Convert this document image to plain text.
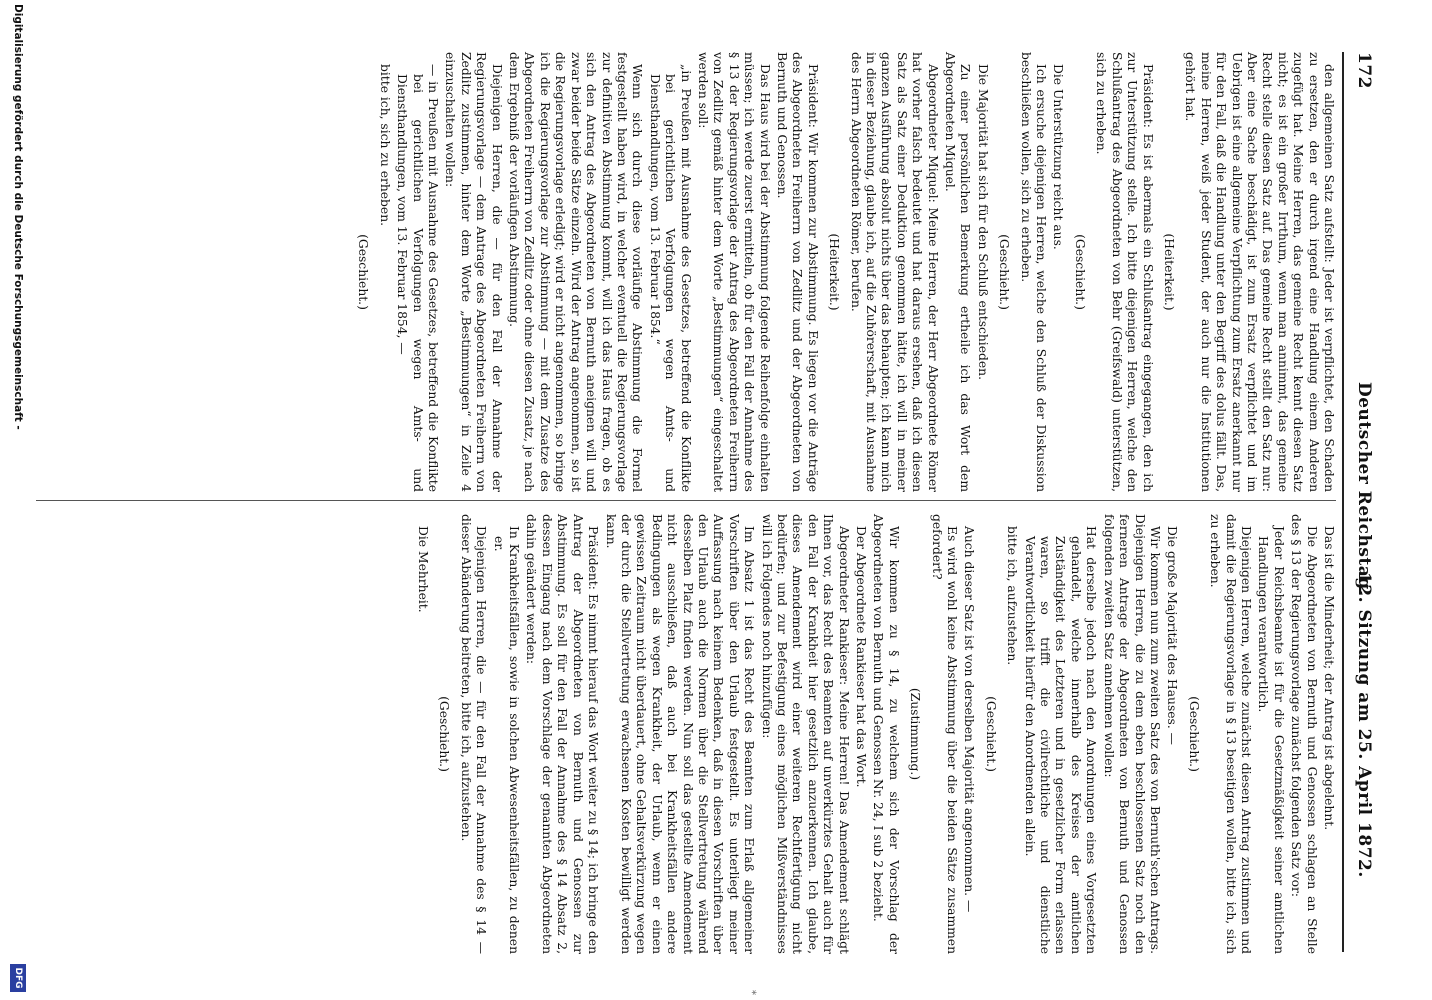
172
Deutscher Reichstag.
12. Sitzung am 25. April 1872.

den allgemeinen Satz aufstellt: Jeder ist verpflichtet, den Schaden zu ersetzen, den er durch irgend eine Handlung einem Anderen zugefügt hat. Meine Herren, das gemeine Recht kennt diesen Satz nicht; es ist ein großer Irrthum, wenn man annimmt, das gemeine Recht stelle diesen Satz auf. Das gemeine Recht stellt den Satz nur: Aber eine Sache beschädigt, ist zum Ersatz verpflichtet und im Uebrigen ist eine allgemeine Verpflichtung zum Ersatz anerkannt nur für den Fall, daß die Handlung unter den Begriff des dolus fällt. Das, meine Herren, weiß jeder Student, der auch nur die Institutionen gehört hat.

(Heiterkeit.)

Präsident: Es ist abermals ein Schlußantrag eingegangen, den ich zur Unterstützung stelle. Ich bitte diejenigen Herren, welche den Schlußantrag des Abgeordneten von Behr (Greifswald) unterstützen, sich zu erheben.

(Geschieht.)

Die Unterstützung reicht aus.

Ich ersuche diejenigen Herren, welche den Schluß der Diskussion beschließen wollen, sich zu erheben.

(Geschieht.)

Die Majorität hat sich für den Schluß entschieden.

Zu einer persönlichen Bemerkung ertheile ich das Wort dem Abgeordneten Miquel.

Abgeordneter Miquel: Meine Herren, der Herr Abgeordnete Römer hat vorher falsch bedeutet und hat daraus ersehen, daß ich diesen Satz als Satz einer Deduktion genommen hätte, ich will in meiner ganzen Ausführung absolut nichts über das behaupten; ich kann mich in dieser Beziehung, glaube ich, auf die Zuhörerschaft, mit Ausnahme des Herrn Abgeordneten Römer, berufen.

(Heiterkeit.)

Präsident: Wir kommen zur Abstimmung. Es liegen vor die Anträge des Abgeordneten Freiherrn von Zedlitz und der Abgeordneten von Bernuth und Genossen.

Das Haus wird bei der Abstimmung folgende Reihenfolge einhalten müssen; ich werde zuerst ermitteln, ob für den Fall der Annahme des § 13 der Regierungsvorlage der Antrag des Abgeordneten Freiherrn von Zedlitz gemäß hinter dem Worte „Bestimmungen“ eingeschaltet werden soll:

„in Preußen mit Ausnahme des Gesetzes, betreffend die Konflikte bei gerichtlichen Verfolgungen wegen Amts- und Diensthandlungen, vom 13. Februar 1854.“

Wenn sich durch diese vorläufige Abstimmung die Formel festgestellt haben wird, in welcher eventuell die Regierungsvorlage zur definitiven Abstimmung kommt, will ich das Haus fragen, ob es sich den Antrag des Abgeordneten von Bernuth aneignen will und zwar beider beide Sätze einzeln. Wird der Antrag angenommen, so ist die Regierungsvorlage erledigt; wird er nicht angenommen, so bringe ich die Regierungsvorlage zur Abstimmung — mit dem Zusatze des Abgeordneten Freiherrn von Zedlitz oder ohne diesen Zusatz, je nach dem Ergebniß der vorläufigen Abstimmung.

Diejenigen Herren, die — für den Fall der Annahme der Regierungsvorlage — dem Antrage des Abgeordneten Freiherrn von Zedlitz zustimmen, hinter dem Worte „Bestimmungen“ in Zeile 4 einzuschalten wollen:

— in Preußen mit Ausnahme des Gesetzes, betreffend die Konflikte bei gerichtlichen Verfolgungen wegen Amts- und Diensthandlungen, vom 13. Februar 1854, —

bitte ich, sich zu erheben.

(Geschieht.)

Das ist die Minderheit; der Antrag ist abgelehnt.

Die Abgeordneten von Bernuth und Genossen schlagen an Stelle des § 13 der Regierungsvorlage zunächst folgenden Satz vor:

Jeder Reichsbeamte ist für die Gesetzmäßigkeit seiner amtlichen Handlungen verantwortlich.

Diejenigen Herren, welche zunächst diesen Antrag zustimmen und damit die Regierungsvorlage in § 13 beseitigen wollen, bitte ich, sich zu erheben.

(Geschieht.)

Die große Majorität des Hauses. —

Wir kommen nun zum zweiten Satz des von Bernuth'schen Antrags. Diejenigen Herren, die zu dem eben beschlossenen Satz noch den ferneren Antrage der Abgeordneten von Bernuth und Genossen folgenden zweiten Satz annehmen wollen:

Hat derselbe jedoch nach den Anordnungen eines Vorgesetzten gehandelt, welche innerhalb des Kreises der amtlichen Zuständigkeit des Letzteren und in gesetzlicher Form erlassen waren, so trifft die civilrechtliche und dienstliche Verantwortlichkeit hierfür den Anordnenden allein.

bitte ich, aufzustehen.

(Geschieht.)

Auch dieser Satz ist von derselben Majorität angenommen. —

Es wird wohl keine Abstimmung über die beiden Sätze zusammen gefordert?

(Zustimmung.)

Wir kommen zu § 14, zu welchem sich der Vorschlag der Abgeordneten von Bernuth und Genossen Nr. 24, I sub 2 bezieht.

Der Abgeordnete Rankieser hat das Wort.

Abgeordneter Rankieser: Meine Herren! Das Amendement schlägt Ihnen vor, das Recht des Beamten auf unverkürztes Gehalt auch für den Fall der Krankheit hier gesetzlich anzuerkennen. Ich glaube, dieses Amendement wird einer weiteren Rechtfertigung nicht bedürfen; und zur Befestigung eines möglichen Mißverständnisses will ich Folgendes noch hinzufügen:

Im Absatz 1 ist das Recht des Beamten zum Erlaß allgemeiner Vorschriften über den Urlaub festgestellt. Es unterliegt meiner Auffassung nach keinem Bedenken, daß in diesen Vorschriften über den Urlaub auch die Normen über die Stellvertretung während desselben Platz finden werden. Nun soll das gestellte Amendement nicht ausschließen, daß auch bei Krankheitsfällen andere Bedingungen als wegen Krankheit, der Urlaub, wenn er einen gewissen Zeitraum nicht überdauert, ohne Gehaltsverkürzung wegen der durch die Stellvertretung erwachsenen Kosten bewilligt werden kann.

Präsident: Es nimmt hierauf das Wort weiter zu § 14; ich bringe den Antrag der Abgeordneten von Bernuth und Genossen zur Abstimmung. Es soll für den Fall der Annahme des § 14 Absatz 2, dessen Eingang nach dem Vorschlage der genannten Abgeordneten dahin geändert werden:

In Krankheitsfällen, sowie in solchen Abwesenheitsfällen, zu denen er.

Diejenigen Herren, die — für den Fall der Annahme des § 14 — dieser Abänderung beitreten, bitte ich, aufzustehen.

(Geschieht.)

Die Mehrheit.

*
Digitalisierung gefördert durch die Deutsche Forschungsgemeinschaft -
DFG
